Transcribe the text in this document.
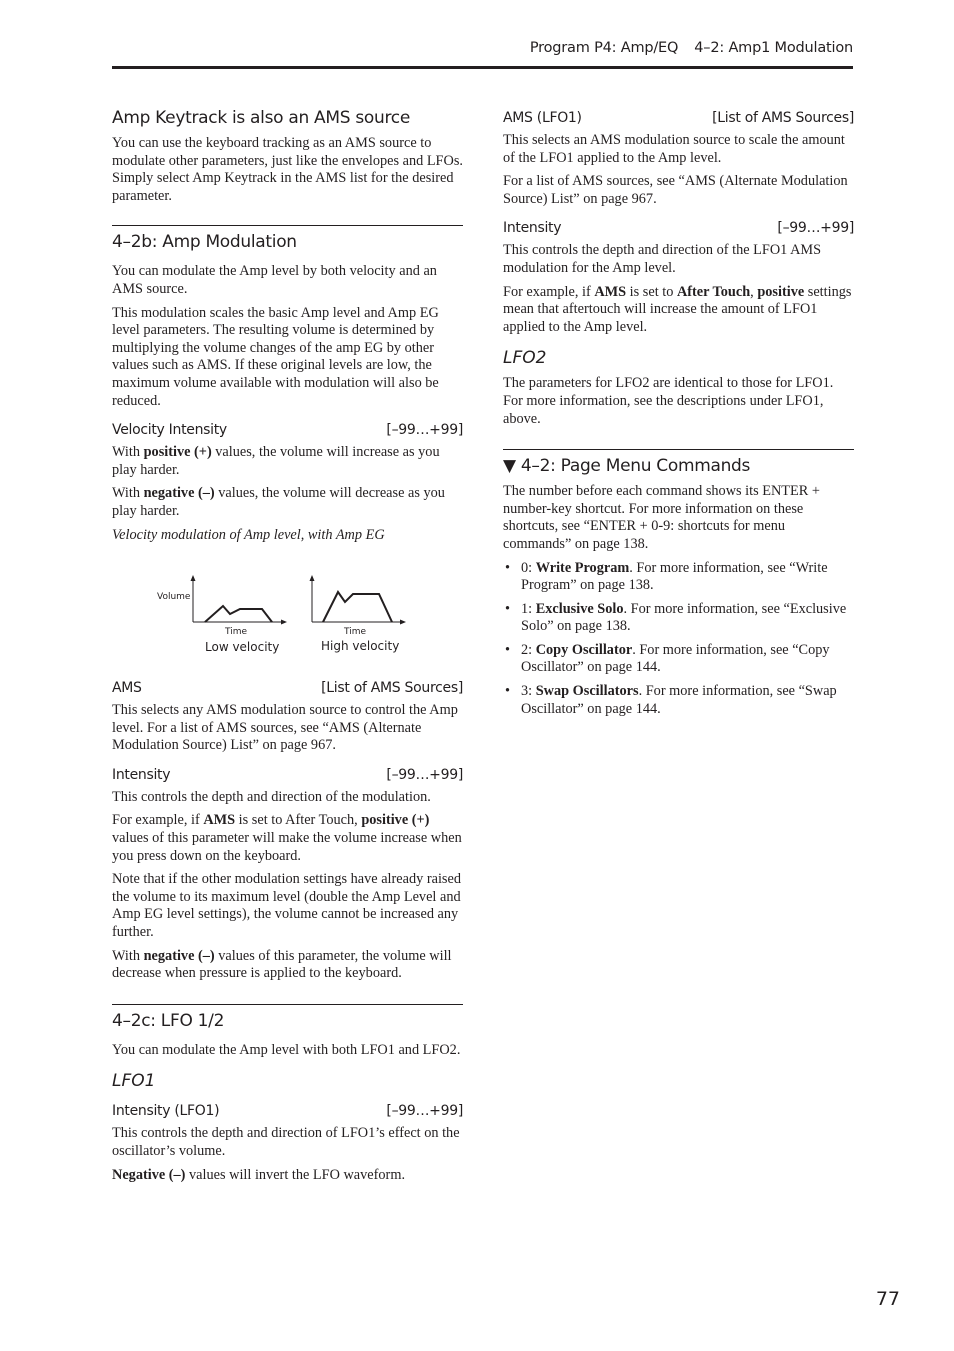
Program P4: Amp/EQ 4–2: Amp1 Modulation
Amp Keytrack is also an AMS source

You can use the keyboard tracking as an AMS source to modulate other parameters, just like the envelopes and LFOs. Simply select Amp Keytrack in the AMS list for the desired parameter.

4–2b: Amp Modulation

You can modulate the Amp level by both velocity and an AMS source.

This modulation scales the basic Amp level and Amp EG level parameters. The resulting volume is determined by multiplying the volume changes of the amp EG by other values such as AMS. If these original levels are low, the maximum volume available with modulation will also be reduced.

Velocity Intensity	[–99…+99]

With positive (+) values, the volume will increase as you play harder.

With negative (–) values, the volume will decrease as you play harder.

Velocity modulation of Amp level, with Amp EG

Volume
Time
Low velocity
Time
High velocity
AMS	[List of AMS Sources]

This selects any AMS modulation source to control the Amp level. For a list of AMS sources, see “AMS (Alternate Modulation Source) List” on page 967.

Intensity	[–99…+99]

This controls the depth and direction of the modulation.

For example, if AMS is set to After Touch, positive (+) values of this parameter will make the volume increase when you press down on the keyboard.

Note that if the other modulation settings have already raised the volume to its maximum level (double the Amp Level and Amp EG level settings), the volume cannot be increased any further.

With negative (–) values of this parameter, the volume will decrease when pressure is applied to the keyboard.

4–2c: LFO 1/2

You can modulate the Amp level with both LFO1 and LFO2.

LFO1
Intensity (LFO1)	[–99…+99]

This controls the depth and direction of LFO1’s effect on the oscillator’s volume.

Negative (–) values will invert the LFO waveform.

AMS (LFO1)	[List of AMS Sources]

This selects an AMS modulation source to scale the amount of the LFO1 applied to the Amp level.

For a list of AMS sources, see “AMS (Alternate Modulation Source) List” on page 967.

Intensity	[–99…+99]

This controls the depth and direction of the LFO1 AMS modulation for the Amp level.

For example, if AMS is set to After Touch, positive settings mean that aftertouch will increase the amount of LFO1 applied to the Amp level.

LFO2

The parameters for LFO2 are identical to those for LFO1. For more information, see the descriptions under LFO1, above.

▼ 4–2: Page Menu Commands

The number before each command shows its ENTER + number-key shortcut. For more information on these shortcuts, see “ENTER + 0-9: shortcuts for menu commands” on page 138.

• 0: Write Program. For more information, see “Write Program” on page 138.
• 1: Exclusive Solo. For more information, see “Exclusive Solo” on page 138.
• 2: Copy Oscillator. For more information, see “Copy Oscillator” on page 144.
• 3: Swap Oscillators. For more information, see “Swap Oscillator” on page 144.
77
